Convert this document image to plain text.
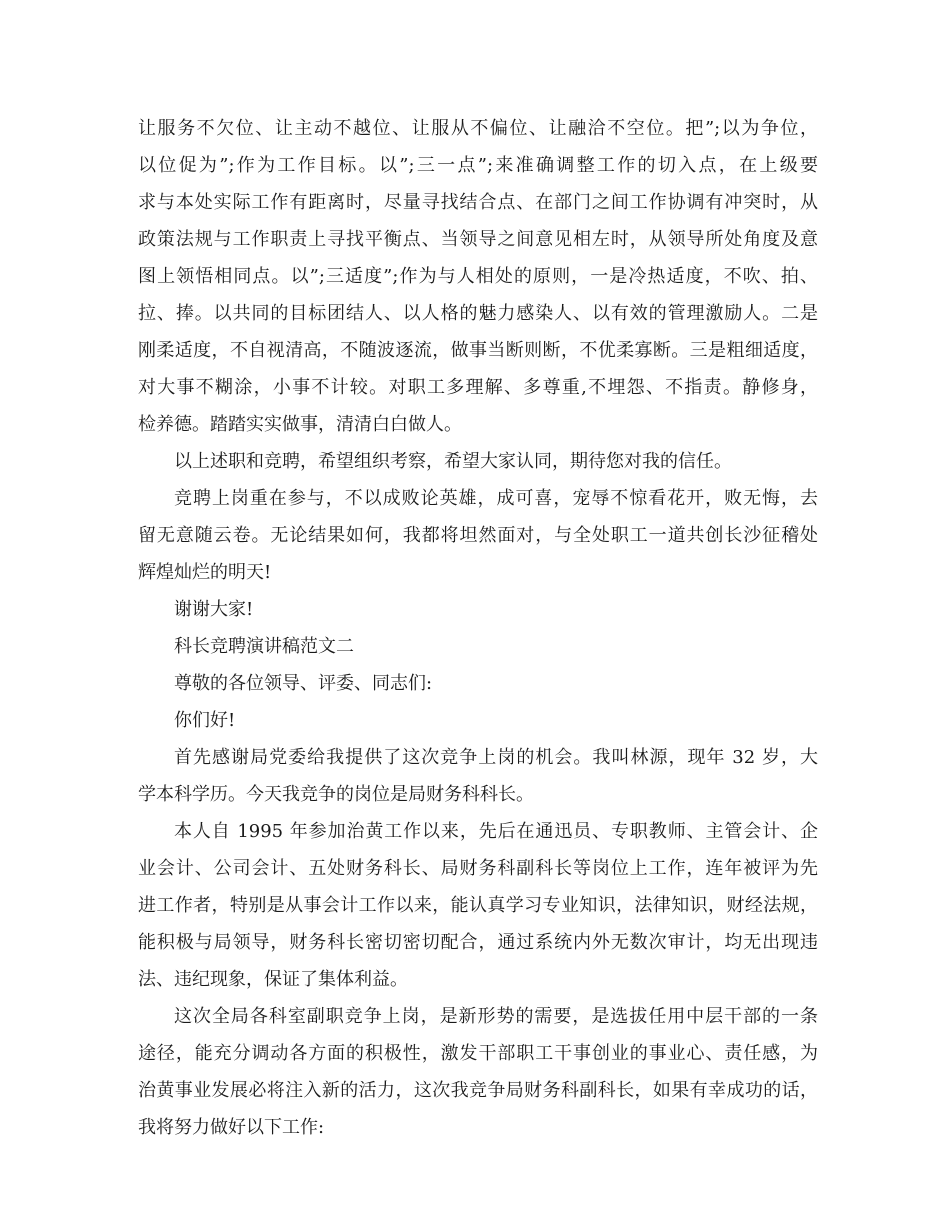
让服务不欠位、让主动不越位、让服从不偏位、让融洽不空位。把”;以为争位，
以位促为”;作为工作目标。以”;三一点”;来准确调整工作的切入点，在上级要
求与本处实际工作有距离时，尽量寻找结合点、在部门之间工作协调有冲突时，从
政策法规与工作职责上寻找平衡点、当领导之间意见相左时，从领导所处角度及意
图上领悟相同点。以”;三适度”;作为与人相处的原则，一是冷热适度，不吹、拍、
拉、捧。以共同的目标团结人、以人格的魅力感染人、以有效的管理激励人。二是
刚柔适度，不自视清高，不随波逐流，做事当断则断，不优柔寡断。三是粗细适度，
对大事不糊涂，小事不计较。对职工多理解、多尊重,不埋怨、不指责。静修身，
检养德。踏踏实实做事，清清白白做人。
以上述职和竞聘，希望组织考察，希望大家认同，期待您对我的信任。
竞聘上岗重在参与，不以成败论英雄，成可喜，宠辱不惊看花开，败无悔，去
留无意随云卷。无论结果如何，我都将坦然面对，与全处职工一道共创长沙征稽处
辉煌灿烂的明天!
谢谢大家!
科长竞聘演讲稿范文二
尊敬的各位领导、评委、同志们:
你们好!
首先感谢局党委给我提供了这次竞争上岗的机会。我叫林源，现年 32 岁，大
学本科学历。今天我竞争的岗位是局财务科科长。
本人自 1995 年参加治黄工作以来，先后在通迅员、专职教师、主管会计、企
业会计、公司会计、五处财务科长、局财务科副科长等岗位上工作，连年被评为先
进工作者，特别是从事会计工作以来，能认真学习专业知识，法律知识，财经法规，
能积极与局领导，财务科长密切密切配合，通过系统内外无数次审计，均无出现违
法、违纪现象，保证了集体利益。
这次全局各科室副职竞争上岗，是新形势的需要，是选拔任用中层干部的一条
途径，能充分调动各方面的积极性，激发干部职工干事创业的事业心、责任感，为
治黄事业发展必将注入新的活力，这次我竞争局财务科副科长，如果有幸成功的话，
我将努力做好以下工作:
